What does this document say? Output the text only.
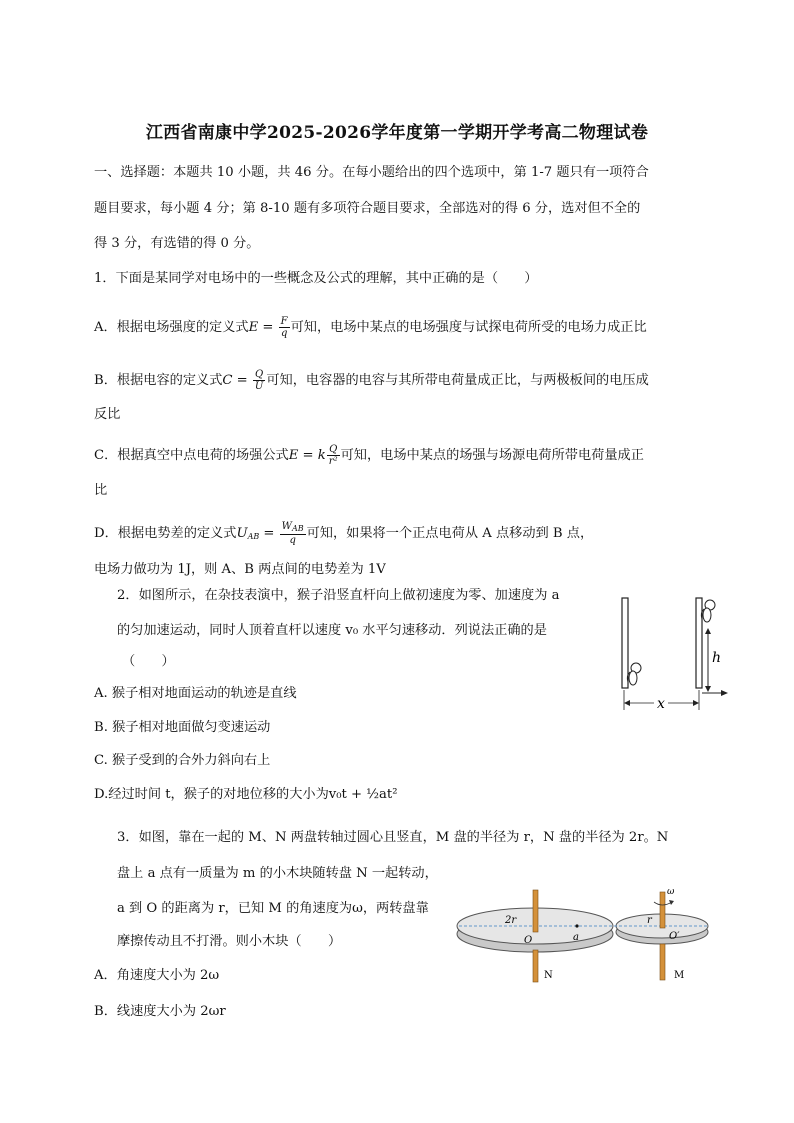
江西省南康中学2025-2026学年度第一学期开学考高二物理试卷
一、选择题：本题共 10 小题，共 46 分。在每小题给出的四个选项中，第 1-7 题只有一项符合
题目要求，每小题 4 分；第 8-10 题有多项符合题目要求，全部选对的得 6 分，选对但不全的
得 3 分，有选错的得 0 分。
1．下面是某同学对电场中的一些概念及公式的理解，其中正确的是（　　）
A．根据电场强度的定义式$E = \frac{F}{q}$ 可知，电场中某点的电场强度与试探电荷所受的电场力成正比
B．根据电容的定义式$C = \frac{Q}{U}$ 可知，电容器的电容与其所带电荷量成正比，与两极板间的电压成
反比
C．根据真空中点电荷的场强公式E = k $\frac{Q}{\text{r²}}$ 可知，电场中某点的场强与场源电荷所带电荷量成正
比
D．根据电势差的定义式UAB = $\frac{W_{AB}}{q}$ 可知，如果将一个正点电荷从 A 点移动到 B 点，
电场力做功为 1J，则 A、B 两点间的电势差为 1V
2．如图所示，在杂技表演中，猴子沿竖直杆向上做初速度为零、加速度为 a
的匀加速运动，同时人顶着直杆以速度 v₀ 水平匀速移动．列说法正确的是
（　　）
A. 猴子相对地面运动的轨迹是直线
B. 猴子相对地面做匀变速运动
C. 猴子受到的合外力斜向右上
D.经过时间 t，猴子的对地位移的大小为v₀t + ½at²
h
x
3．如图，靠在一起的 M、N 两盘转轴过圆心且竖直，M 盘的半径为 r，N 盘的半径为 2r。N
盘上 a 点有一质量为 m 的小木块随转盘 N 一起转动，
a 到 O 的距离为 r，已知 M 的角速度为ω，两转盘靠
摩擦传动且不打滑。则小木块（　　）
A．角速度大小为 2ω
B．线速度大小为 2ωr
2r	r
O	O′
a
N	M
ω
